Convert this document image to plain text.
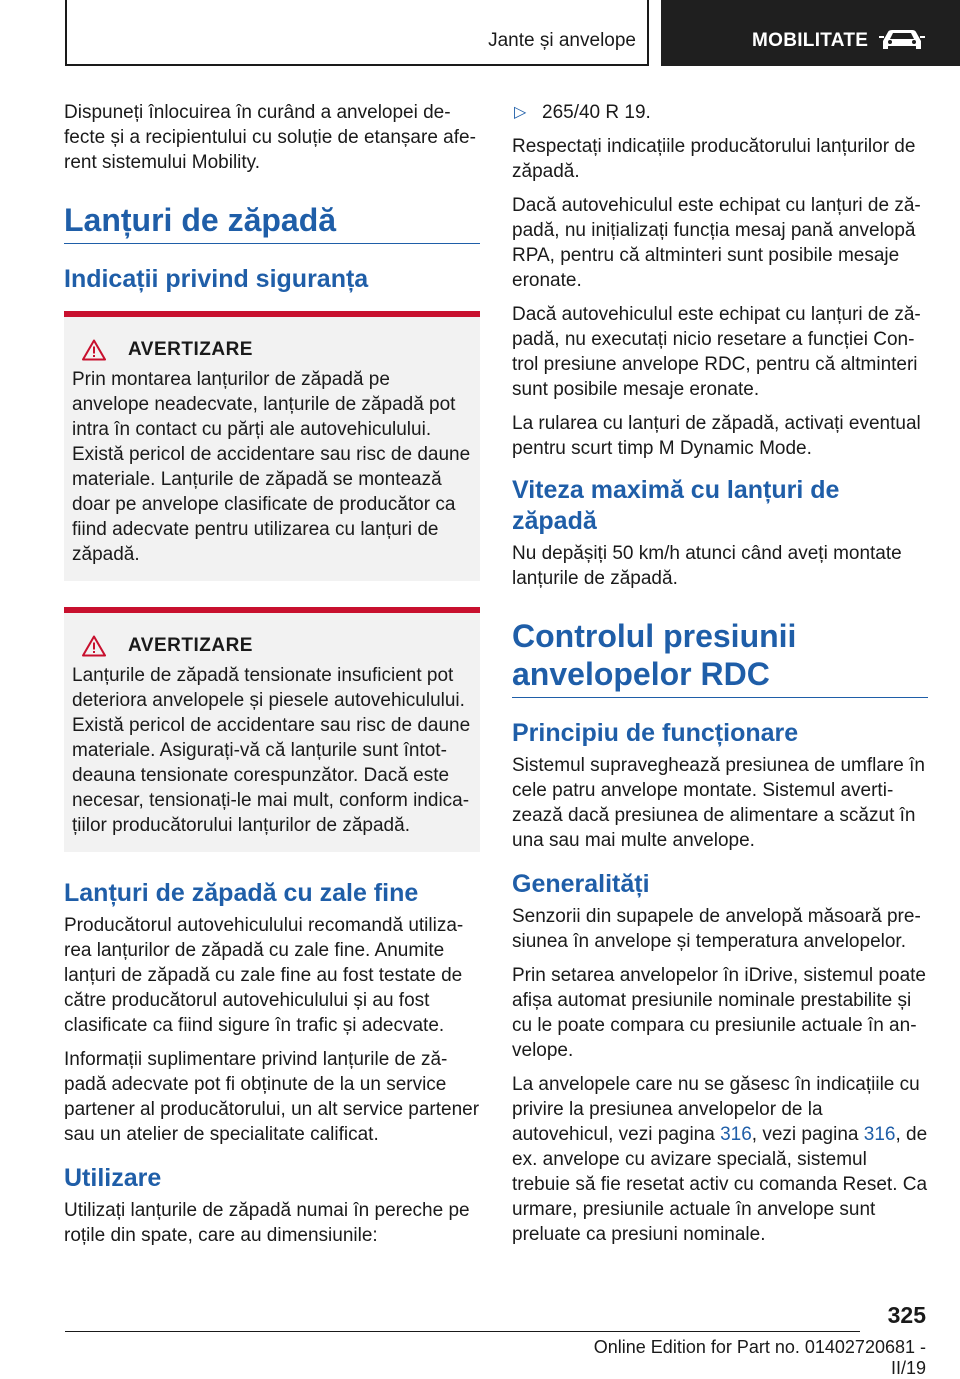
Jante și anvelope	MOBILITATE

Dispuneți înlocuirea în curând a anvelopei defecte și a recipientului cu soluție de etanșare aferent sistemului Mobility.

Lanțuri de zăpadă
Indicații privind siguranța
AVERTIZARE

Prin montarea lanțurilor de zăpadă pe anvelope neadecvate, lanțurile de zăpadă pot intra în contact cu părți ale autovehiculului. Există pericol de accidentare sau risc de daune materiale. Lanțurile de zăpadă se montează doar pe anvelope clasificate de producător ca fiind adecvate pentru utilizarea cu lanțuri de zăpadă.

AVERTIZARE

Lanțurile de zăpadă tensionate insuficient pot deteriora anvelopele și piesele autovehiculului. Există pericol de accidentare sau risc de daune materiale. Asigurați-vă că lanțurile sunt întotdeauna tensionate corespunzător. Dacă este necesar, tensionați-le mai mult, conform indicațiilor producătorului lanțurilor de zăpadă.

Lanțuri de zăpadă cu zale fine

Producătorul autovehiculului recomandă utilizarea lanțurilor de zăpadă cu zale fine. Anumite lanțuri de zăpadă cu zale fine au fost testate de către producătorul autovehiculului și au fost clasificate ca fiind sigure în trafic și adecvate.

Informații suplimentare privind lanțurile de zăpadă adecvate pot fi obținute de la un service partener al producătorului, un alt service partener sau un atelier de specialitate calificat.

Utilizare

Utilizați lanțurile de zăpadă numai în pereche pe roțile din spate, care au dimensiunile:

▷ 265/40 R 19.

Respectați indicațiile producătorului lanțurilor de zăpadă.

Dacă autovehiculul este echipat cu lanțuri de zăpadă, nu inițializați funcția mesaj pană anvelopă RPA, pentru că altminteri sunt posibile mesaje eronate.

Dacă autovehiculul este echipat cu lanțuri de zăpadă, nu executați nicio resetare a funcției Control presiune anvelope RDC, pentru că altminteri sunt posibile mesaje eronate.

La rularea cu lanțuri de zăpadă, activați eventual pentru scurt timp M Dynamic Mode.

Viteza maximă cu lanțuri de zăpadă

Nu depășiți 50 km/h atunci când aveți montate lanțurile de zăpadă.

Controlul presiunii anvelopelor RDC
Principiu de funcționare

Sistemul supraveghează presiunea de umflare în cele patru anvelope montate. Sistemul avertizează dacă presiunea de alimentare a scăzut în una sau mai multe anvelope.

Generalități

Senzorii din supapele de anvelopă măsoară presiunea în anvelope și temperatura anvelopelor.

Prin setarea anvelopelor în iDrive, sistemul poate afișa automat presiunile nominale prestabilite și cu le poate compara cu presiunile actuale în anvelope.

La anvelopele care nu se găsesc în indicațiile cu privire la presiunea anvelopelor de la autovehicul, vezi pagina 316, vezi pagina 316, de ex. anvelope cu avizare specială, sistemul trebuie să fie resetat activ cu comanda Reset. Ca urmare, presiunile actuale în anvelope sunt preluate ca presiuni nominale.

325
Online Edition for Part no. 01402720681 - II/19
